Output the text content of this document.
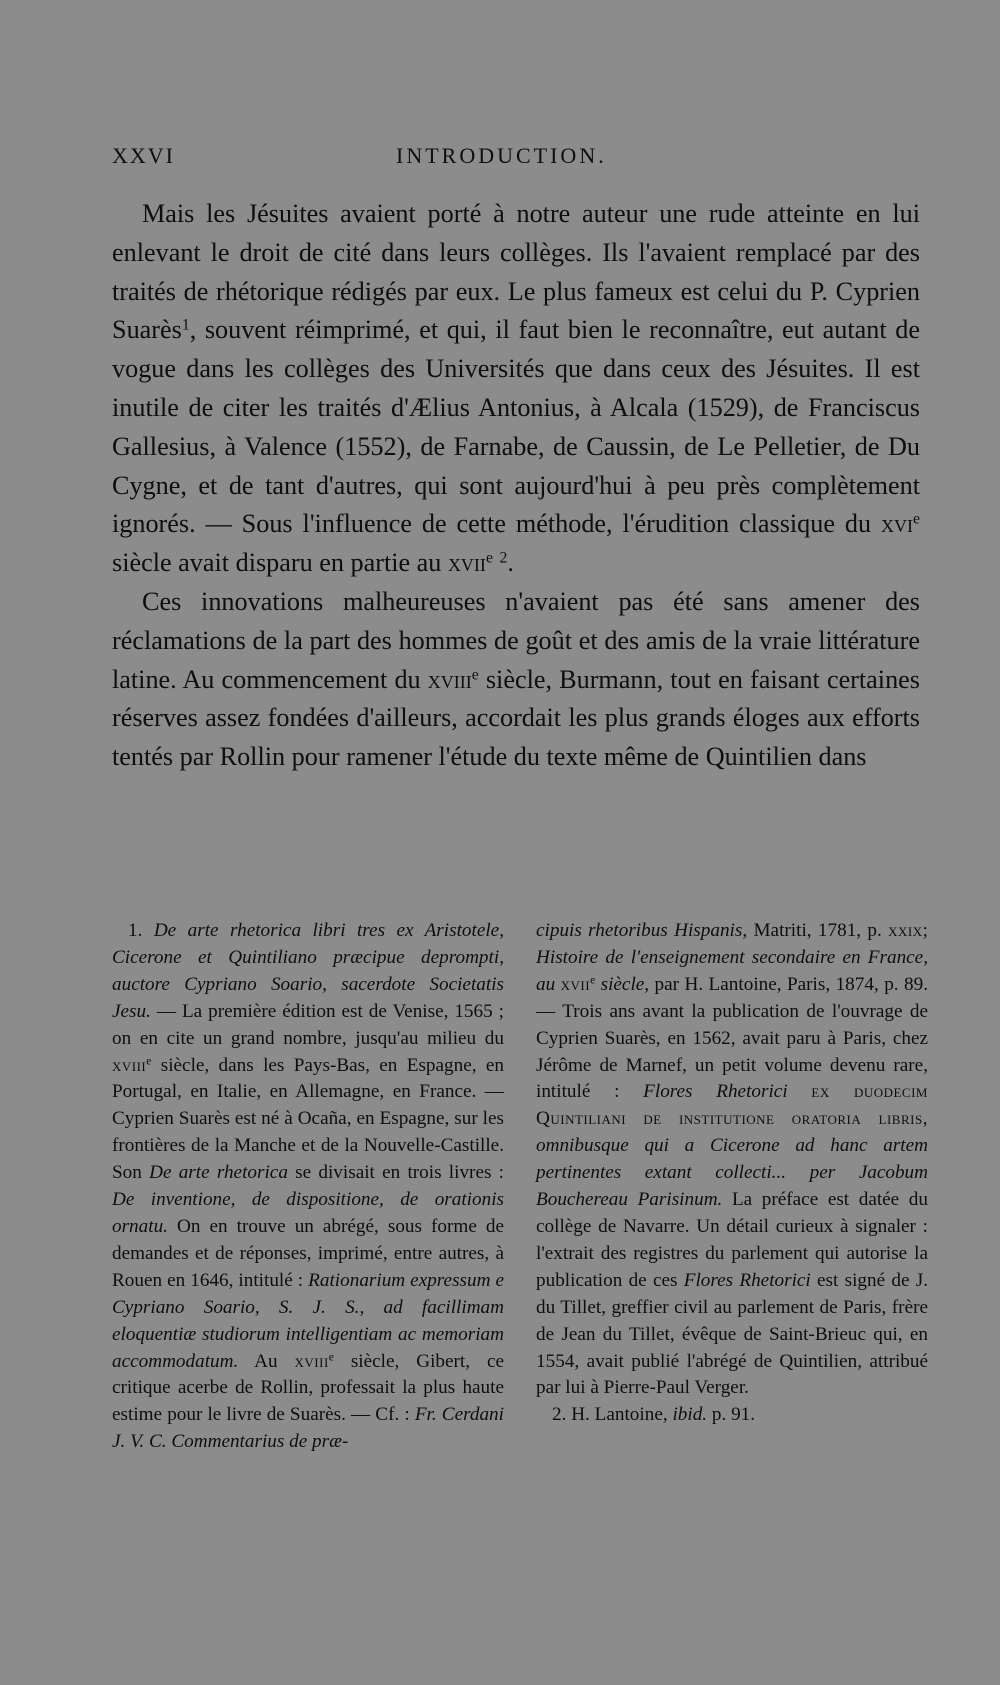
XXVI	INTRODUCTION.

Mais les Jésuites avaient porté à notre auteur une rude atteinte en lui enlevant le droit de cité dans leurs collèges. Ils l'avaient remplacé par des traités de rhétorique rédigés par eux. Le plus fameux est celui du P. Cyprien Suarès$^1$, souvent réimprimé, et qui, il faut bien le reconnaître, eut autant de vogue dans les collèges des Universités que dans ceux des Jésuites. Il est inutile de citer les traités d'Ælius Antonius, à Alcala (1529), de Franciscus Gallesius, à Valence (1552), de Farnabe, de Caussin, de Le Pelletier, de Du Cygne, et de tant d'autres, qui sont aujourd'hui à peu près complètement ignorés. — Sous l'influence de cette méthode, l'érudition classique du xvi$^e$ siècle avait disparu en partie au xvii$^e$ $^2$.

Ces innovations malheureuses n'avaient pas été sans amener des réclamations de la part des hommes de goût et des amis de la vraie littérature latine. Au commencement du xviii$^e$ siècle, Burmann, tout en faisant certaines réserves assez fondées d'ailleurs, accordait les plus grands éloges aux efforts tentés par Rollin pour ramener l'étude du texte même de Quintilien dans

1. De arte rhetorica libri tres ex Aristotele, Cicerone et Quintiliano præcipue deprompti, auctore Cypriano Soario, sacerdote Societatis Jesu. — La première édition est de Venise, 1565 ; on en cite un grand nombre, jusqu'au milieu du xviii$^e$ siècle, dans les Pays-Bas, en Espagne, en Portugal, en Italie, en Allemagne, en France. — Cyprien Suarès est né à Ocaña, en Espagne, sur les frontières de la Manche et de la Nouvelle-Castille. Son De arte rhetorica se divisait en trois livres : De inventione, de dispositione, de orationis ornatu. On en trouve un abrégé, sous forme de demandes et de réponses, imprimé, entre autres, à Rouen en 1646, intitulé : Rationarium expressum e Cypriano Soario, S. J. S., ad facillimam eloquentiæ studiorum intelligentiam ac memoriam accommodatum. Au xviii$^e$ siècle, Gibert, ce critique acerbe de Rollin, professait la plus haute estime pour le livre de Suarès. — Cf. : Fr. Cerdani J. V. C. Commentarius de præ-

cipuis rhetoribus Hispanis, Matriti, 1781, p. xxix; Histoire de l'enseignement secondaire en France, au xvii$^e$ siècle, par H. Lantoine, Paris, 1874, p. 89. — Trois ans avant la publication de l'ouvrage de Cyprien Suarès, en 1562, avait paru à Paris, chez Jérôme de Marnef, un petit volume devenu rare, intitulé : Flores Rhetorici ex duodecim Quintiliani de institutione oratoria libris, omnibusque qui a Cicerone ad hanc artem pertinentes extant collecti... per Jacobum Bouchereau Parisinum. La préface est datée du collège de Navarre. Un détail curieux à signaler : l'extrait des registres du parlement qui autorise la publication de ces Flores Rhetorici est signé de J. du Tillet, greffier civil au parlement de Paris, frère de Jean du Tillet, évêque de Saint-Brieuc qui, en 1554, avait publié l'abrégé de Quintilien, attribué par lui à Pierre-Paul Verger.

2. H. Lantoine, ibid. p. 91.
